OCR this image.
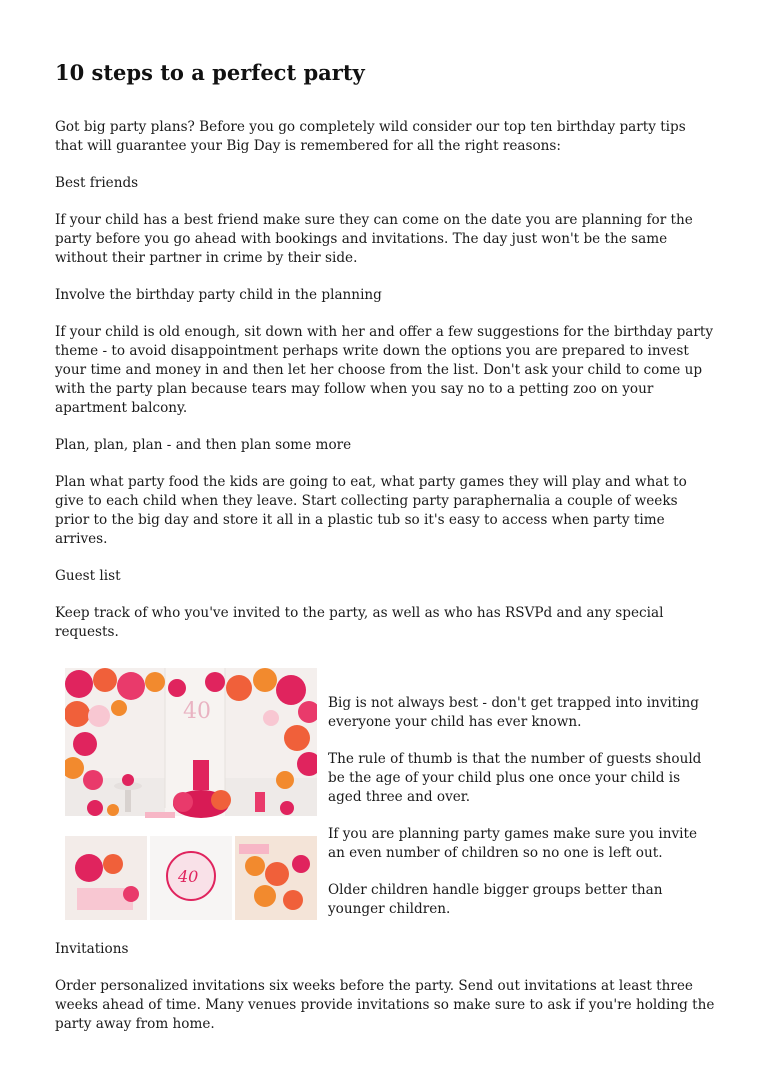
10 steps to a perfect party

Got big party plans? Before you go completely wild consider our top ten birthday party tips that will guarantee your Big Day is remembered for all the right reasons:

Best friends

If your child has a best friend make sure they can come on the date you are planning for the party before you go ahead with bookings and invitations. The day just won't be the same without their partner in crime by their side.

Involve the birthday party child in the planning

If your child is old enough, sit down with her and offer a few suggestions for the birthday party theme - to avoid disappointment perhaps write down the options you are prepared to invest your time and money in and then let her choose from the list. Don't ask your child to come up with the party plan because tears may follow when you say no to a petting zoo on your apartment balcony.

Plan, plan, plan - and then plan some more

Plan what party food the kids are going to eat, what party games they will play and what to give to each child when they leave. Start collecting party paraphernalia a couple of weeks prior to the big day and store it all in a plastic tub so it's easy to access when party time arrives.

Guest list

Keep track of who you've invited to the party, as well as who has RSVPd and any special requests.

40
40

Big is not always best - don't get trapped into inviting everyone your child has ever known.

The rule of thumb is that the number of guests should be the age of your child plus one once your child is aged three and over.

If you are planning party games make sure you invite an even number of children so no one is left out.

Older children handle bigger groups better than younger children.

Invitations

Order personalized invitations six weeks before the party. Send out invitations at least three weeks ahead of time. Many venues provide invitations so make sure to ask if you're holding the party away from home.
